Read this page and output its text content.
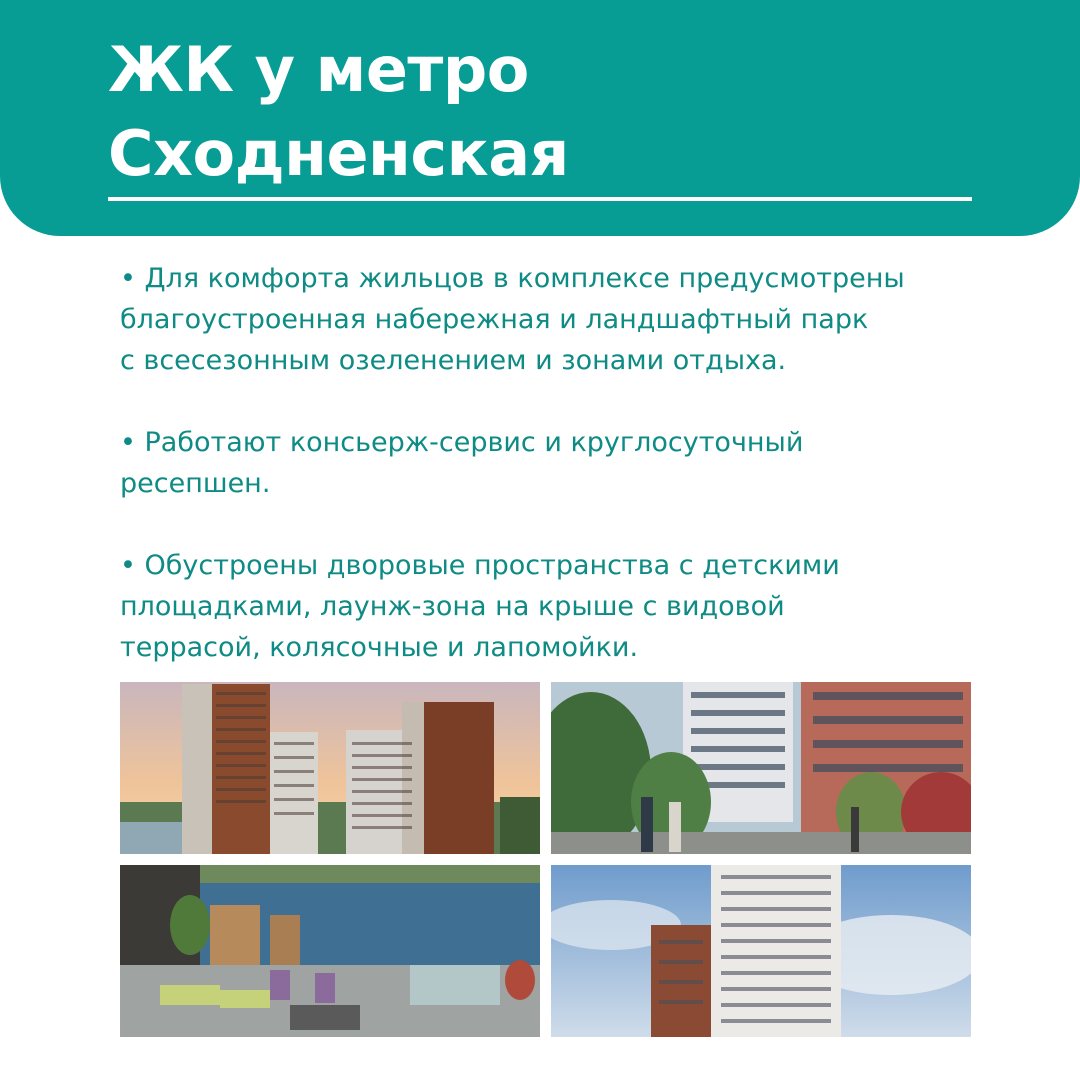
ЖК у метро
Сходненская
• Для комфорта жильцов в комплексе предусмотрены
благоустроенная набережная и ландшафтный парк
с всесезонным озеленением и зонами отдыха.
• Работают консьерж-сервис и круглосуточный
ресепшен.
• Обустроены дворовые пространства с детскими
площадками, лаунж-зона на крыше с видовой
террасой, колясочные и лапомойки.
